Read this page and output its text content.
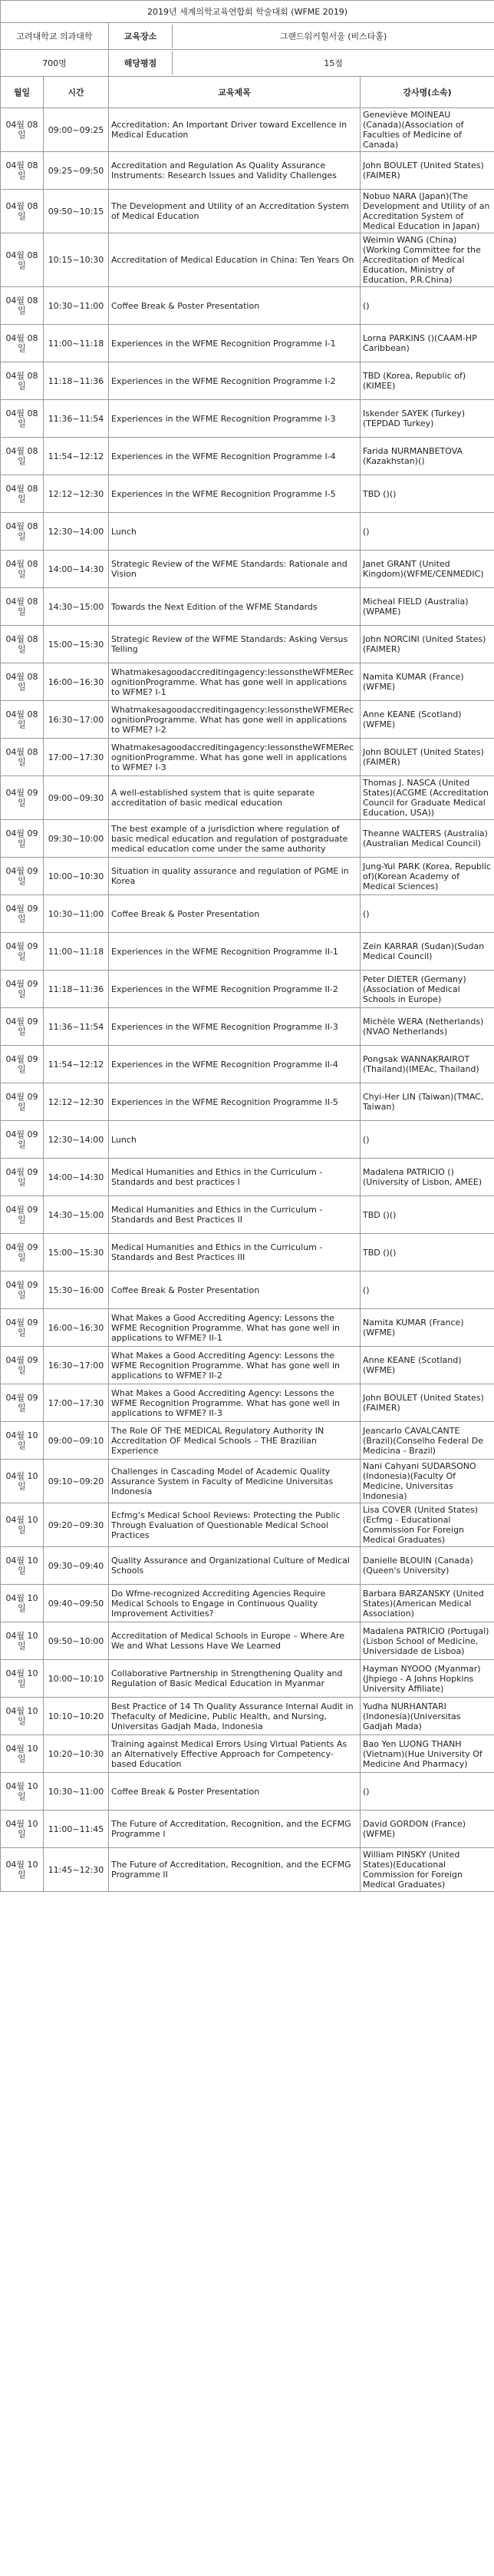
2019년 세계의학교육연합회 학술대회 (WFME 2019)			
고려대학교 의과대학		교육장소 그랜드워커힐서울 (비스타홀)	

700명		해당평점 15점	

월일	시간	교육제목	강사명(소속)
04월 08일	09:00~09:25	Accreditation: An Important Driver toward Excellence in Medical Education	Geneviève MOINEAU (Canada)(Association of Faculties of Medicine of Canada)
04월 08일	09:25~09:50	Accreditation and Regulation As Quality Assurance Instruments: Research Issues and Validity Challenges	John BOULET (United States)(FAIMER)
04월 08일	09:50~10:15	The Development and Utility of an Accreditation System of Medical Education	Nobuo NARA (Japan)(The Development and Utility of an Accreditation System of Medical Education in Japan)
04월 08일	10:15~10:30	Accreditation of Medical Education in China: Ten Years On	Weimin WANG (China)(Working Committee for the Accreditation of Medical Education, Ministry of Education, P.R.China)
04월 08일	10:30~11:00	Coffee Break & Poster Presentation	()
04월 08일	11:00~11:18	Experiences in the WFME Recognition Programme I-1	Lorna PARKINS ()(CAAM-HP Caribbean)
04월 08일	11:18~11:36	Experiences in the WFME Recognition Programme I-2	TBD (Korea, Republic of)(KIMEE)
04월 08일	11:36~11:54	Experiences in the WFME Recognition Programme I-3	Iskender SAYEK (Turkey)(TEPDAD Turkey)
04월 08일	11:54~12:12	Experiences in the WFME Recognition Programme I-4	Farida NURMANBETOVA (Kazakhstan)()
04월 08일	12:12~12:30	Experiences in the WFME Recognition Programme I-5	TBD ()()
04월 08일	12:30~14:00	Lunch	()
04월 08일	14:00~14:30	Strategic Review of the WFME Standards: Rationale and Vision	Janet GRANT (United Kingdom)(WFME/CENMEDIC)
04월 08일	14:30~15:00	Towards the Next Edition of the WFME Standards	Micheal FIELD (Australia)(WPAME)
04월 08일	15:00~15:30	Strategic Review of the WFME Standards: Asking Versus Telling	John NORCINI (United States)(FAIMER)
04월 08일	16:00~16:30	WhatmakesagoodaccreditingagencyːlessonstheWFMERecognitionProgramme. What has gone well in applications to WFME? I-1	Namita KUMAR (France)(WFME)
04월 08일	16:30~17:00	WhatmakesagoodaccreditingagencyːlessonstheWFMERecognitionProgramme. What has gone well in applications to WFME? I-2	Anne KEANE (Scotland)(WFME)
04월 08일	17:00~17:30	WhatmakesagoodaccreditingagencyːlessonstheWFMERecognitionProgramme. What has gone well in applications to WFME? I-3	John BOULET (United States)(FAIMER)
04월 09일	09:00~09:30	A well-established system that is quite separate accreditation of basic medical education	Thomas J. NASCA (United States)(ACGME (Accreditation Council for Graduate Medical Education, USA))
04월 09일	09:30~10:00	The best example of a jurisdiction where regulation of basic medical education and regulation of postgraduate medical education come under the same authority	Theanne WALTERS (Australia)(Australian Medical Council)
04월 09일	10:00~10:30	Situation in quality assurance and regulation of PGME in Korea	Jung-Yul PARK (Korea, Republic of)(Korean Academy of Medical Sciences)
04월 09일	10:30~11:00	Coffee Break & Poster Presentation	()
04월 09일	11:00~11:18	Experiences in the WFME Recognition Programme II-1	Zein KARRAR (Sudan)(Sudan Medical Council)
04월 09일	11:18~11:36	Experiences in the WFME Recognition Programme II-2	Peter DIETER (Germany)(Association of Medical Schools in Europe)
04월 09일	11:36~11:54	Experiences in the WFME Recognition Programme II-3	Michèle WERA (Netherlands)(NVAO Netherlands)
04월 09일	11:54~12:12	Experiences in the WFME Recognition Programme II-4	Pongsak WANNAKRAIROT (Thailand)(IMEAc, Thailand)
04월 09일	12:12~12:30	Experiences in the WFME Recognition Programme II-5	Chyi-Her LIN (Taiwan)(TMAC, Taiwan)
04월 09일	12:30~14:00	Lunch	()
04월 09일	14:00~14:30	Medical Humanities and Ethics in the Curriculum - Standards and best practices I	Madalena PATRICIO ()(University of Lisbon, AMEE)
04월 09일	14:30~15:00	Medical Humanities and Ethics in the Curriculum - Standards and Best Practices II	TBD ()()
04월 09일	15:00~15:30	Medical Humanities and Ethics in the Curriculum - Standards and Best Practices III	TBD ()()
04월 09일	15:30~16:00	Coffee Break & Poster Presentation	()
04월 09일	16:00~16:30	What Makes a Good Accrediting Agency: Lessons the WFME Recognition Programme. What has gone well in applications to WFME? II-1	Namita KUMAR (France)(WFME)
04월 09일	16:30~17:00	What Makes a Good Accrediting Agency: Lessons the WFME Recognition Programme. What has gone well in applications to WFME? II-2	Anne KEANE (Scotland)(WFME)
04월 09일	17:00~17:30	What Makes a Good Accrediting Agency: Lessons the WFME Recognition Programme. What has gone well in applications to WFME? II-3	John BOULET (United States)(FAIMER)
04월 10일	09:00~09:10	The Role OF THE MEDICAL Regulatory Authority IN Accreditation OF Medical Schools – THE Brazilian Experience	Jeancarlo CAVALCANTE (Brazil)(Conselho Federal De Medicina - Brazil)
04월 10일	09:10~09:20	Challenges in Cascading Model of Academic Quality Assurance System in Faculty of Medicine Universitas Indonesia	Nani Cahyani SUDARSONO (Indonesia)(Faculty Of Medicine, Universitas Indonesia)
04월 10일	09:20~09:30	Ecfmg’s Medical School Reviews: Protecting the Public Through Evaluation of Questionable Medical School Practices	Lisa COVER (United States)(Ecfmg - Educational Commission For Foreign Medical Graduates)
04월 10일	09:30~09:40	Quality Assurance and Organizational Culture of Medical Schools	Danielle BLOUIN (Canada)(Queen's University)
04월 10일	09:40~09:50	Do Wfme-recognized Accrediting Agencies Require Medical Schools to Engage in Continuous Quality Improvement Activities?	Barbara BARZANSKY (United States)(American Medical Association)
04월 10일	09:50~10:00	Accreditation of Medical Schools in Europe – Where Are We and What Lessons Have We Learned	Madalena PATRICIO (Portugal)(Lisbon School of Medicine, Universidade de Lisboa)
04월 10일	10:00~10:10	Collaborative Partnership in Strengthening Quality and Regulation of Basic Medical Education in Myanmar	Hayman NYOOO (Myanmar)(Jhpiego - A Johns Hopkins University Affiliate)
04월 10일	10:10~10:20	Best Practice of 14 Th Quality Assurance Internal Audit in Thefaculty of Medicine, Public Health, and Nursing, Universitas Gadjah Mada, Indonesia	Yudha NURHANTARI (Indonesia)(Universitas Gadjah Mada)
04월 10일	10:20~10:30	Training against Medical Errors Using Virtual Patients As an Alternatively Effective Approach for Competency-based Education	Bao Yen LUONG THANH (Vietnam)(Hue University Of Medicine And Pharmacy)
04월 10일	10:30~11:00	Coffee Break & Poster Presentation	()
04월 10일	11:00~11:45	The Future of Accreditation, Recognition, and the ECFMG Programme I	David GORDON (France)(WFME)
04월 10일	11:45~12:30	The Future of Accreditation, Recognition, and the ECFMG Programme II	William PINSKY (United States)(Educational Commission for Foreign Medical Graduates)
